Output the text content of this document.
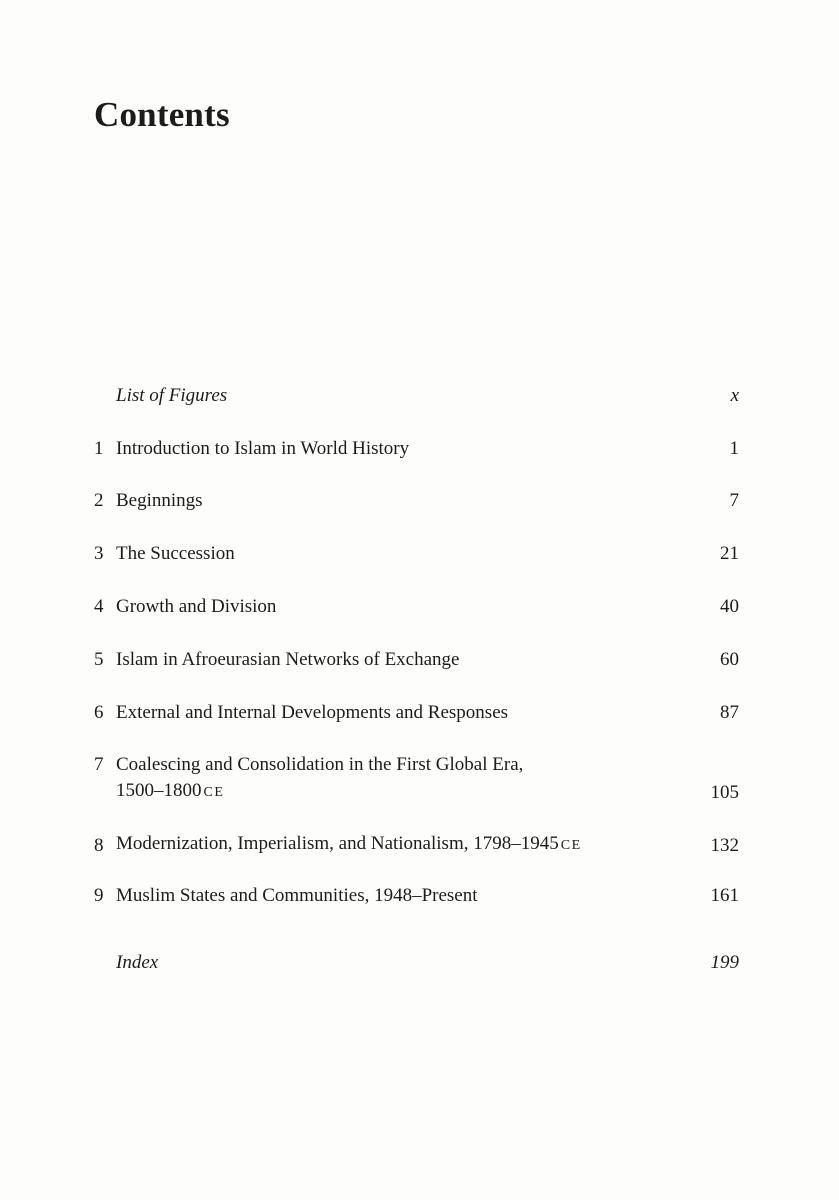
Contents
List of Figures	x
1 Introduction to Islam in World History	1
2 Beginnings	7
3 The Succession	21
4 Growth and Division	40
5 Islam in Afroeurasian Networks of Exchange	60
6 External and Internal Developments and Responses	87
7 Coalescing and Consolidation in the First Global Era,
1500–1800 CE	105
8 Modernization, Imperialism, and Nationalism, 1798–1945 CE	132
9 Muslim States and Communities, 1948–Present	161
Index	199
